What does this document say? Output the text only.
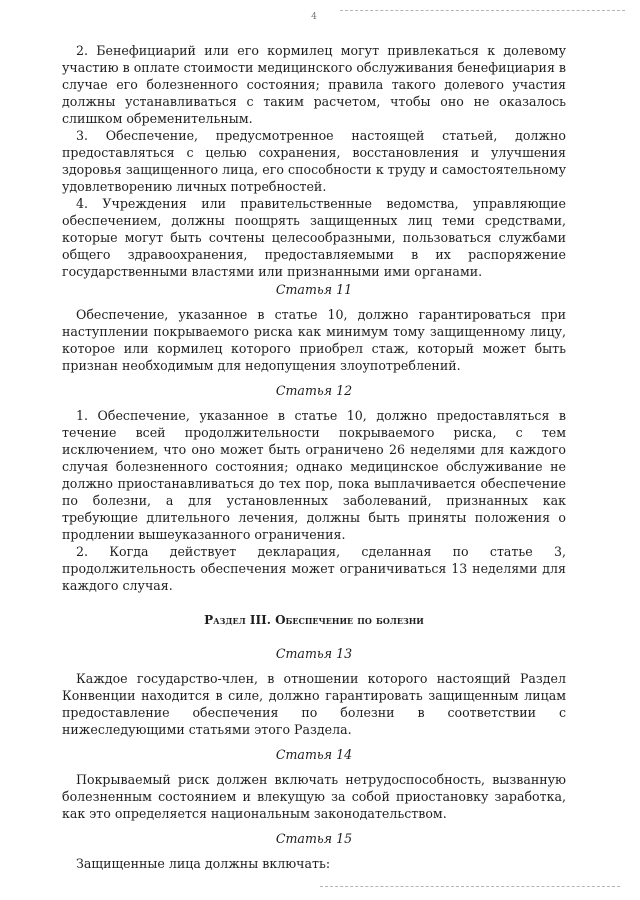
4

2. Бенефициарий или его кормилец могут привлекаться к долевому участию в оплате стоимости медицинского обслуживания бенефициария в случае его болезненного состояния; правила такого долевого участия должны устанавливаться с таким расчетом, чтобы оно не оказалось слишком обременительным.

3. Обеспечение, предусмотренное настоящей статьей, должно предоставляться с целью сохранения, восстановления и улучшения здоровья защищенного лица, его способности к труду и самостоятельному удовлетворению личных потребностей.

4. Учреждения или правительственные ведомства, управляющие обеспечением, должны поощрять защищенных лиц теми средствами, которые могут быть сочтены целесообразными, пользоваться службами общего здравоохранения, предоставляемыми в их распоряжение государственными властями или признанными ими органами.

Статья 11

Обеспечение, указанное в статье 10, должно гарантироваться при наступлении покрываемого риска как минимум тому защищенному лицу, которое или кормилец которого приобрел стаж, который может быть признан необходимым для недопущения злоупотреблений.

Статья 12

1. Обеспечение, указанное в статье 10, должно предоставляться в течение всей продолжительности покрываемого риска, с тем исключением, что оно может быть ограничено 26 неделями для каждого случая болезненного состояния; однако медицинское обслуживание не должно приостанавливаться до тех пор, пока выплачивается обеспечение по болезни, а для установленных заболеваний, признанных как требующие длительного лечения, должны быть приняты положения о продлении вышеуказанного ограничения.

2. Когда действует декларация, сделанная по статье 3, продолжительность обеспечения может ограничиваться 13 неделями для каждого случая.

Раздел III. Обеспечение по болезни

Статья 13

Каждое государство-член, в отношении которого настоящий Раздел Конвенции находится в силе, должно гарантировать защищенным лицам предоставление обеспечения по болезни в соответствии с нижеследующими статьями этого Раздела.

Статья 14

Покрываемый риск должен включать нетрудоспособность, вызванную болезненным состоянием и влекущую за собой приостановку заработка, как это определяется национальным законодательством.

Статья 15

Защищенные лица должны включать:
